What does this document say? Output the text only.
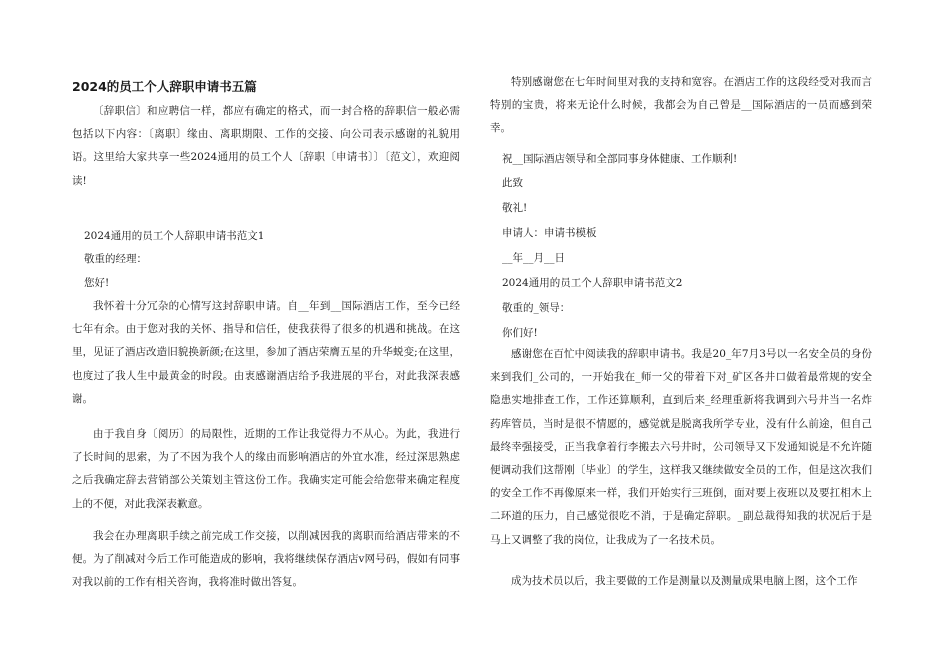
2024的员工个人辞职申请书五篇

〔辞职信〕和应聘信一样，都应有确定的格式，而一封合格的辞职信一般必需包括以下内容：〔离职〕缘由、离职期限、工作的交接、向公司表示感谢的礼貌用语。这里给大家共享一些2024通用的员工个人〔辞职〔申请书〕〕〔范文〕，欢迎阅读!

2024通用的员工个人辞职申请书范文1

敬重的经理：

您好!

我怀着十分冗杂的心情写这封辞职申请。自__年到__国际酒店工作，至今已经七年有余。由于您对我的关怀、指导和信任，使我获得了很多的机遇和挑战。在这里，见证了酒店改造旧貌换新颜;在这里，参加了酒店荣膺五星的升华蜕变;在这里，也度过了我人生中最黄金的时段。由衷感谢酒店给予我进展的平台，对此我深表感谢。

由于我自身〔阅历〕的局限性，近期的工作让我觉得力不从心。为此，我进行了长时间的思索，为了不因为我个人的缘由而影响酒店的外宜水准，经过深思熟虑之后我确定辞去营销部公关策划主管这份工作。我确实定可能会给您带来确定程度上的不便，对此我深表歉意。

我会在办理离职手续之前完成工作交接，以削减因我的离职而给酒店带来的不便。为了削减对今后工作可能造成的影响，我将继续保存酒店v网号码，假如有同事对我以前的工作有相关咨询，我将准时做出答复。

特别感谢您在七年时间里对我的支持和宽容。在酒店工作的这段经受对我而言特别的宝贵，将来无论什么时候，我都会为自己曾是__国际酒店的一员而感到荣幸。

祝__国际酒店领导和全部同事身体健康、工作顺利!

此致

敬礼!

申请人：申请书模板

__年__月__日

2024通用的员工个人辞职申请书范文2

敬重的_领导：

你们好!

感谢您在百忙中阅读我的辞职申请书。我是20_年7月3号以一名安全员的身份来到我们_公司的，一开始我在_师一父的带着下对_矿区各井口做着最常规的安全隐患实地排查工作，工作还算顺利，直到后来_经理重新将我调到六号井当一名炸药库管员，当时是很不情愿的，感觉就是脱离我所学专业，没有什么前途，但自己最终幸强接受，正当我拿着行李搬去六号井时，公司领导又下发通知说是不允许随便调动我们这帮刚〔毕业〕的学生，这样我又继续做安全员的工作，但是这次我们的安全工作不再像原来一样，我们开始实行三班倒，面对要上夜班以及要扛相木上二环道的压力，自己感觉很吃不消，于是确定辞职。_副总裁得知我的状况后于是马上又调整了我的岗位，让我成为了一名技术员。

成为技术员以后，我主要做的工作是测量以及测量成果电脑上图，这个工作
